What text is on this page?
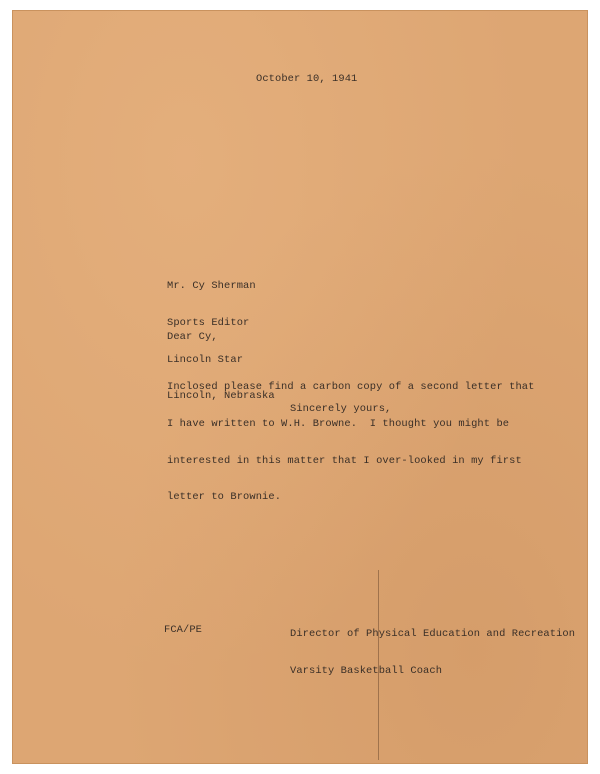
October 10, 1941

Mr. Cy Sherman

Sports Editor

Lincoln Star

Lincoln, Nebraska

Dear Cy,

Inclosed please find a carbon copy of a second letter that

I have written to W.H. Browne.  I thought you might be

interested in this matter that I over-looked in my first

letter to Brownie.

Sincerely yours,

Director of Physical Education and Recreation

Varsity Basketball Coach

FCA/PE
